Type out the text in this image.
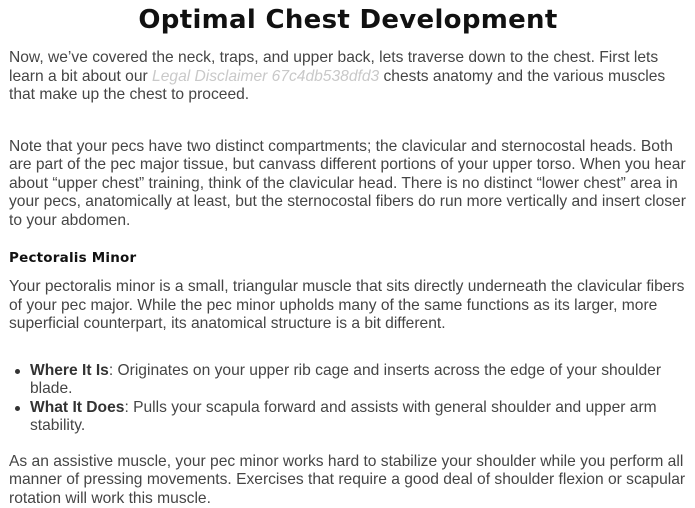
Optimal Chest Development

Now, we’ve covered the neck, traps, and upper back, lets traverse down to the chest. First lets learn a bit about our Legal Disclaimer 67c4db538dfd3 chests anatomy and the various muscles that make up the chest to proceed.

Note that your pecs have two distinct compartments; the clavicular and sternocostal heads. Both are part of the pec major tissue, but canvass different portions of your upper torso. When you hear about “upper chest” training, think of the clavicular head. There is no distinct “lower chest” area in your pecs, anatomically at least, but the sternocostal fibers do run more vertically and insert closer to your abdomen.

Pectoralis Minor

Your pectoralis minor is a small, triangular muscle that sits directly underneath the clavicular fibers of your pec major. While the pec minor upholds many of the same functions as its larger, more superficial counterpart, its anatomical structure is a bit different.

Where It Is: Originates on your upper rib cage and inserts across the edge of your shoulder blade.
What It Does: Pulls your scapula forward and assists with general shoulder and upper arm stability.

As an assistive muscle, your pec minor works hard to stabilize your shoulder while you perform all manner of pressing movements. Exercises that require a good deal of shoulder flexion or scapular rotation will work this muscle.
